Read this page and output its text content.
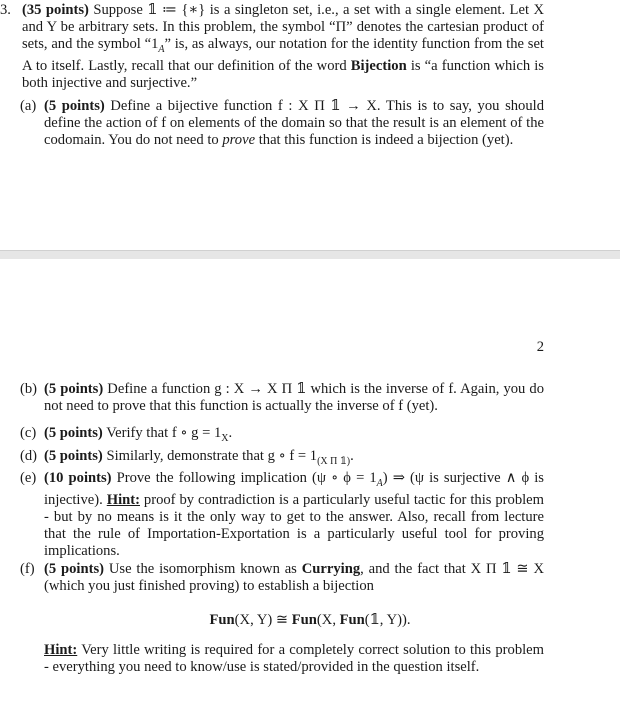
3. (35 points) Suppose 𝟙 ≔ {∗} is a singleton set, i.e., a set with a single element. Let X and Y be arbitrary sets. In this problem, the symbol “Π” denotes the cartesian product of sets, and the symbol “$1_A$” is, as always, our notation for the identity function from the set A to itself. Lastly, recall that our definition of the word Bijection is “a function which is both injective and surjective.”
(a) (5 points) Define a bijective function f : X Π 𝟙 → X. This is to say, you should define the action of f on elements of the domain so that the result is an element of the codomain. You do not need to prove that this function is indeed a bijection (yet).
2
(b) (5 points) Define a function g : X → X Π 𝟙 which is the inverse of f. Again, you do not need to prove that this function is actually the inverse of f (yet).
(c) (5 points) Verify that f ∘ $g = 1_X$.
(d) (5 points) Similarly, demonstrate that g ∘ $f = 1_{(X \Pi 𝟙)}$.
(e) (10 points) Prove the following implication (ψ ∘ $\phi = 1_A$) ⇒ (ψ is surjective ∧ ϕ is injective). Hint: proof by contradiction is a particularly useful tactic for this problem - but by no means is it the only way to get to the answer. Also, recall from lecture that the rule of Importation-Exportation is a particularly useful tool for proving implications.
(f) (5 points) Use the isomorphism known as Currying, and the fact that X Π 𝟙 ≅ X (which you just finished proving) to establish a bijection
Fun(X, Y) ≅ Fun(X, Fun(𝟙, Y)).
Hint: Very little writing is required for a completely correct solution to this problem - everything you need to know/use is stated/provided in the question itself.
